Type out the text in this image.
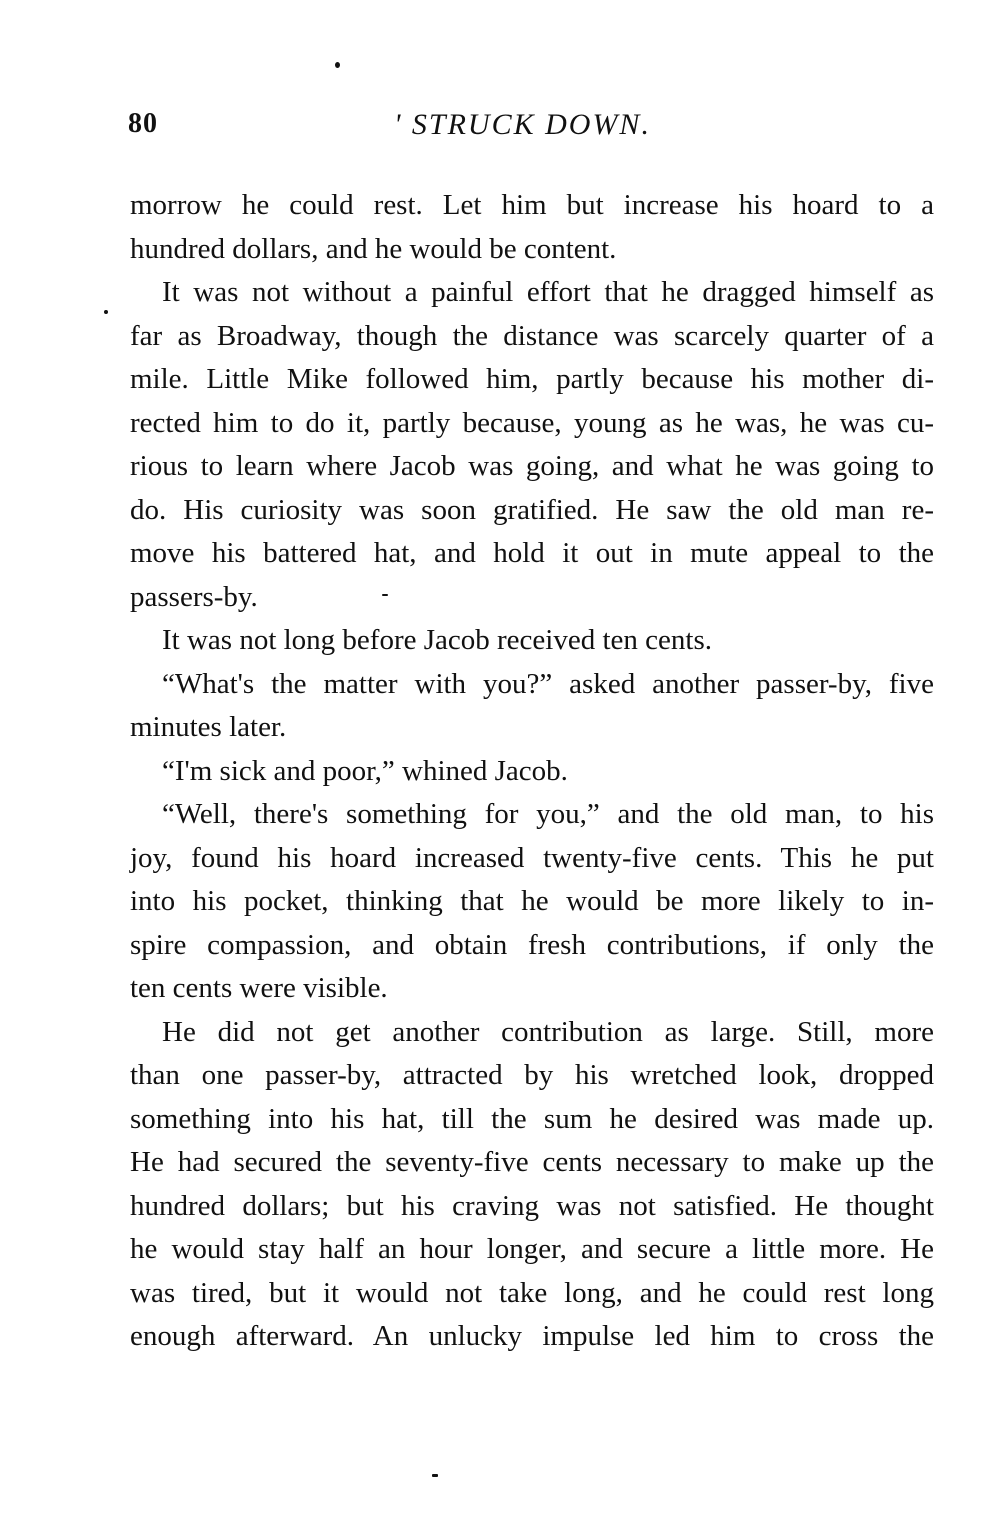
80	' STRUCK DOWN.
morrow he could rest. Let him but increase his hoard to a
hundred dollars, and he would be content.
It was not without a painful effort that he dragged himself as
far as Broadway, though the distance was scarcely quarter of a
mile. Little Mike followed him, partly because his mother di-
rected him to do it, partly because, young as he was, he was cu-
rious to learn where Jacob was going, and what he was going to
do. His curiosity was soon gratified. He saw the old man re-
move his battered hat, and hold it out in mute appeal to the
passers-by.
It was not long before Jacob received ten cents.
“What's the matter with you?” asked another passer-by, five
minutes later.
“I'm sick and poor,” whined Jacob.
“Well, there's something for you,” and the old man, to his
joy, found his hoard increased twenty-five cents. This he put
into his pocket, thinking that he would be more likely to in-
spire compassion, and obtain fresh contributions, if only the
ten cents were visible.
He did not get another contribution as large. Still, more
than one passer-by, attracted by his wretched look, dropped
something into his hat, till the sum he desired was made up.
He had secured the seventy-five cents necessary to make up the
hundred dollars; but his craving was not satisfied. He thought
he would stay half an hour longer, and secure a little more. He
was tired, but it would not take long, and he could rest long
enough afterward. An unlucky impulse led him to cross the
